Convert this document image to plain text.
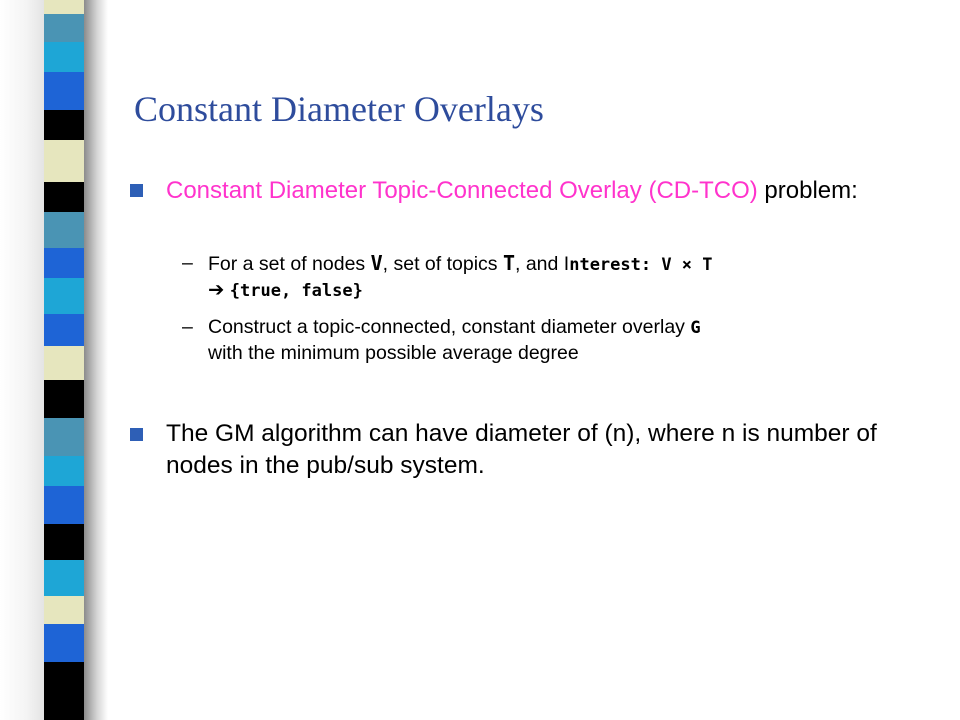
Constant Diameter Overlays
Constant Diameter Topic-Connected Overlay (CD-TCO) problem:
– For a set of nodes V, set of topics T, and Interest: V × T
➔ {true, false}
– Construct a topic-connected, constant diameter overlay G
with the minimum possible average degree
The GM algorithm can have diameter of (n), where n is number of nodes in the pub/sub system.
